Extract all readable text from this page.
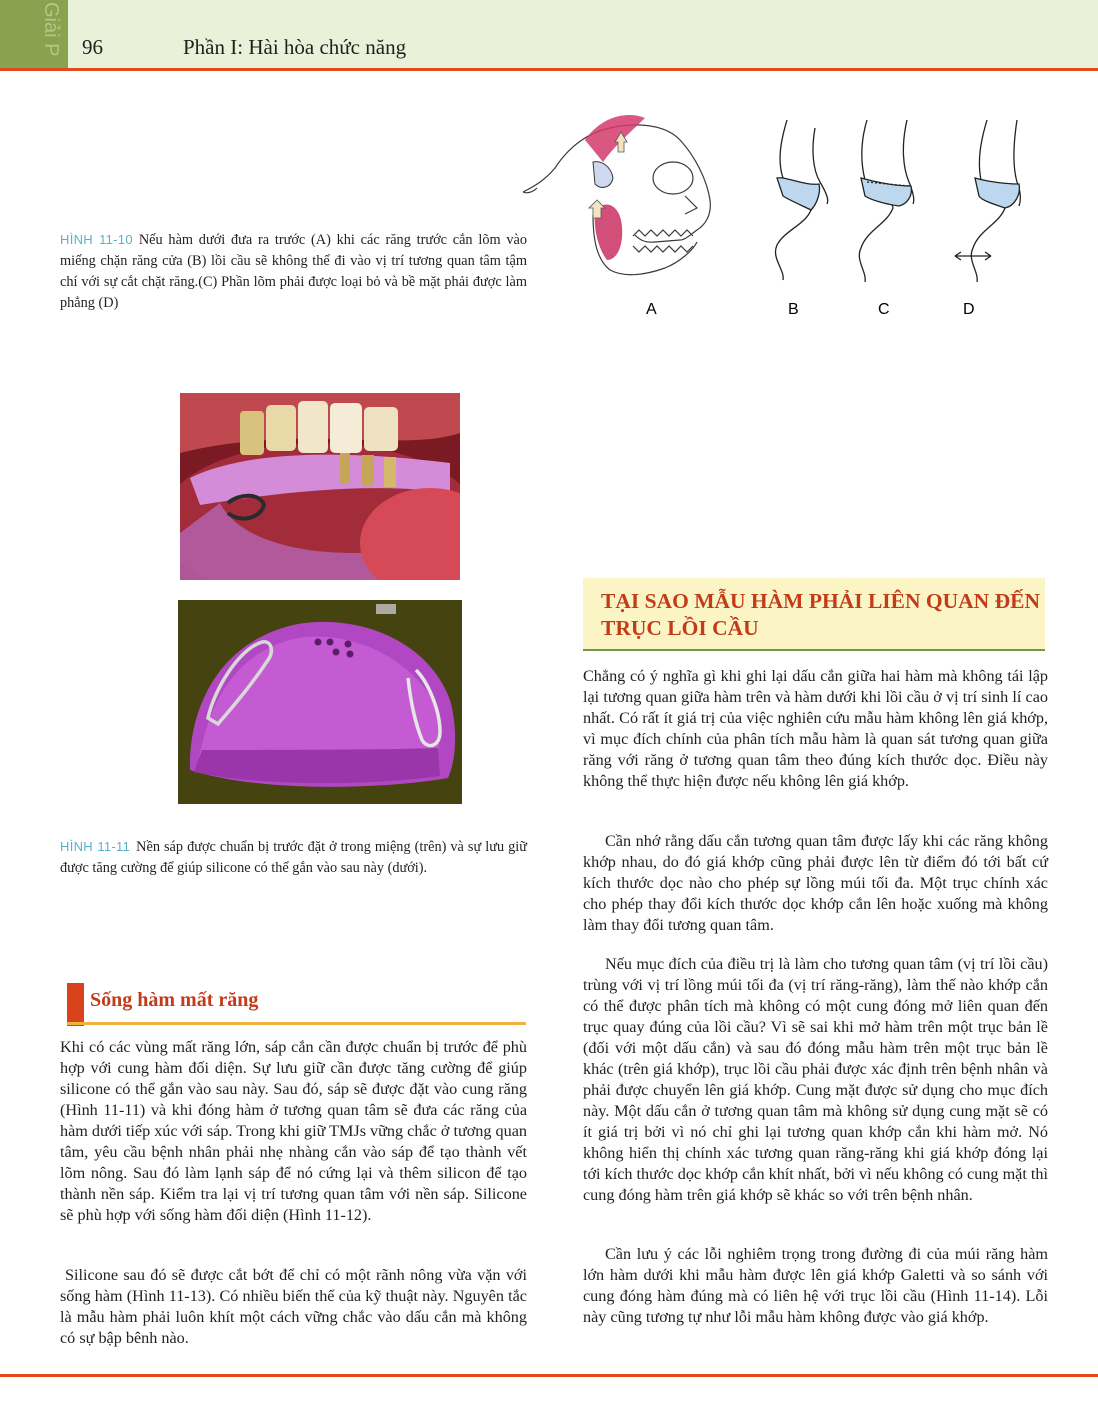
Giải P 96	Phần I: Hài hòa chức năng
HÌNH 11-10 Nếu hàm dưới đưa ra trước (A) khi các răng trước cắn lõm vào miếng chặn răng cửa (B) lồi cầu sẽ không thể đi vào vị trí tương quan tâm tậm chí với sự cắt chặt răng.(C) Phần lõm phải được loại bỏ và bề mặt phải được làm phẳng (D)	A	B	C	D
HÌNH 11-11 Nền sáp được chuẩn bị trước đặt ở trong miệng (trên) và sự lưu giữ được tăng cường để giúp silicone có thể gắn vào sau này (dưới).
Sống hàm mất răng
Khi có các vùng mất răng lớn, sáp cắn cần được chuẩn bị trước để phù hợp với cung hàm đối diện. Sự lưu giữ cần được tăng cường để giúp silicone có thể gắn vào sau này. Sau đó, sáp sẽ được đặt vào cung răng (Hình 11-11) và khi đóng hàm ở tương quan tâm sẽ đưa các răng của hàm dưới tiếp xúc với sáp. Trong khi giữ TMJs vững chắc ở tương quan tâm, yêu cầu bệnh nhân phải nhẹ nhàng cắn vào sáp để tạo thành vết lõm nông. Sau đó làm lạnh sáp để nó cứng lại và thêm silicon để tạo thành nền sáp. Kiểm tra lại vị trí tương quan tâm với nền sáp. Silicone sẽ phù hợp với sống hàm đối diện (Hình 11-12).
Silicone sau đó sẽ được cắt bớt để chỉ có một rãnh nông vừa vặn với sống hàm (Hình 11-13). Có nhiều biến thể của kỹ thuật này. Nguyên tắc là mẫu hàm phải luôn khít một cách vững chắc vào dấu cắn mà không có sự bập bênh nào.
TẠI SAO MẪU HÀM PHẢI LIÊN QUAN ĐẾN TRỤC LỒI CẦU
Chẳng có ý nghĩa gì khi ghi lại dấu cắn giữa hai hàm mà không tái lập lại tương quan giữa hàm trên và hàm dưới khi lồi cầu ở vị trí sinh lí cao nhất. Có rất ít giá trị của việc nghiên cứu mẫu hàm không lên giá khớp, vì mục đích chính của phân tích mẫu hàm là quan sát tương quan giữa răng với răng ở tương quan tâm theo đúng kích thước dọc. Điều này không thể thực hiện được nếu không lên giá khớp.
Cần nhớ rằng dấu cắn tương quan tâm được lấy khi các răng không khớp nhau, do đó giá khớp cũng phải được lên từ điểm đó tới bất cứ kích thước dọc nào cho phép sự lồng múi tối đa. Một trục chính xác cho phép thay đổi kích thước dọc khớp cắn lên hoặc xuống mà không làm thay đổi tương quan tâm.
Nếu mục đích của điều trị là làm cho tương quan tâm (vị trí lồi cầu) trùng với vị trí lồng múi tối đa (vị trí răng-răng), làm thế nào khớp cắn có thể được phân tích mà không có một cung đóng mở liên quan đến trục quay đúng của lồi cầu? Vì sẽ sai khi mở hàm trên một trục bản lề (đối với một dấu cắn) và sau đó đóng mẫu hàm trên một trục bản lề khác (trên giá khớp), trục lồi cầu phải được xác định trên bệnh nhân và phải được chuyển lên giá khớp. Cung mặt được sử dụng cho mục đích này. Một dấu cắn ở tương quan tâm mà không sử dụng cung mặt sẽ có ít giá trị bởi vì nó chỉ ghi lại tương quan khớp cắn khi hàm mở. Nó không hiển thị chính xác tương quan răng-răng khi giá khớp đóng lại tới kích thước dọc khớp cắn khít nhất, bởi vì nếu không có cung mặt thì cung đóng hàm trên giá khớp sẽ khác so với trên bệnh nhân.
Cần lưu ý các lỗi nghiêm trọng trong đường đi của múi răng hàm lớn hàm dưới khi mẫu hàm được lên giá khớp Galetti và so sánh với cung đóng hàm đúng mà có liên hệ với trục lồi cầu (Hình 11-14). Lỗi này cũng tương tự như lỗi mẫu hàm không được vào giá khớp.
